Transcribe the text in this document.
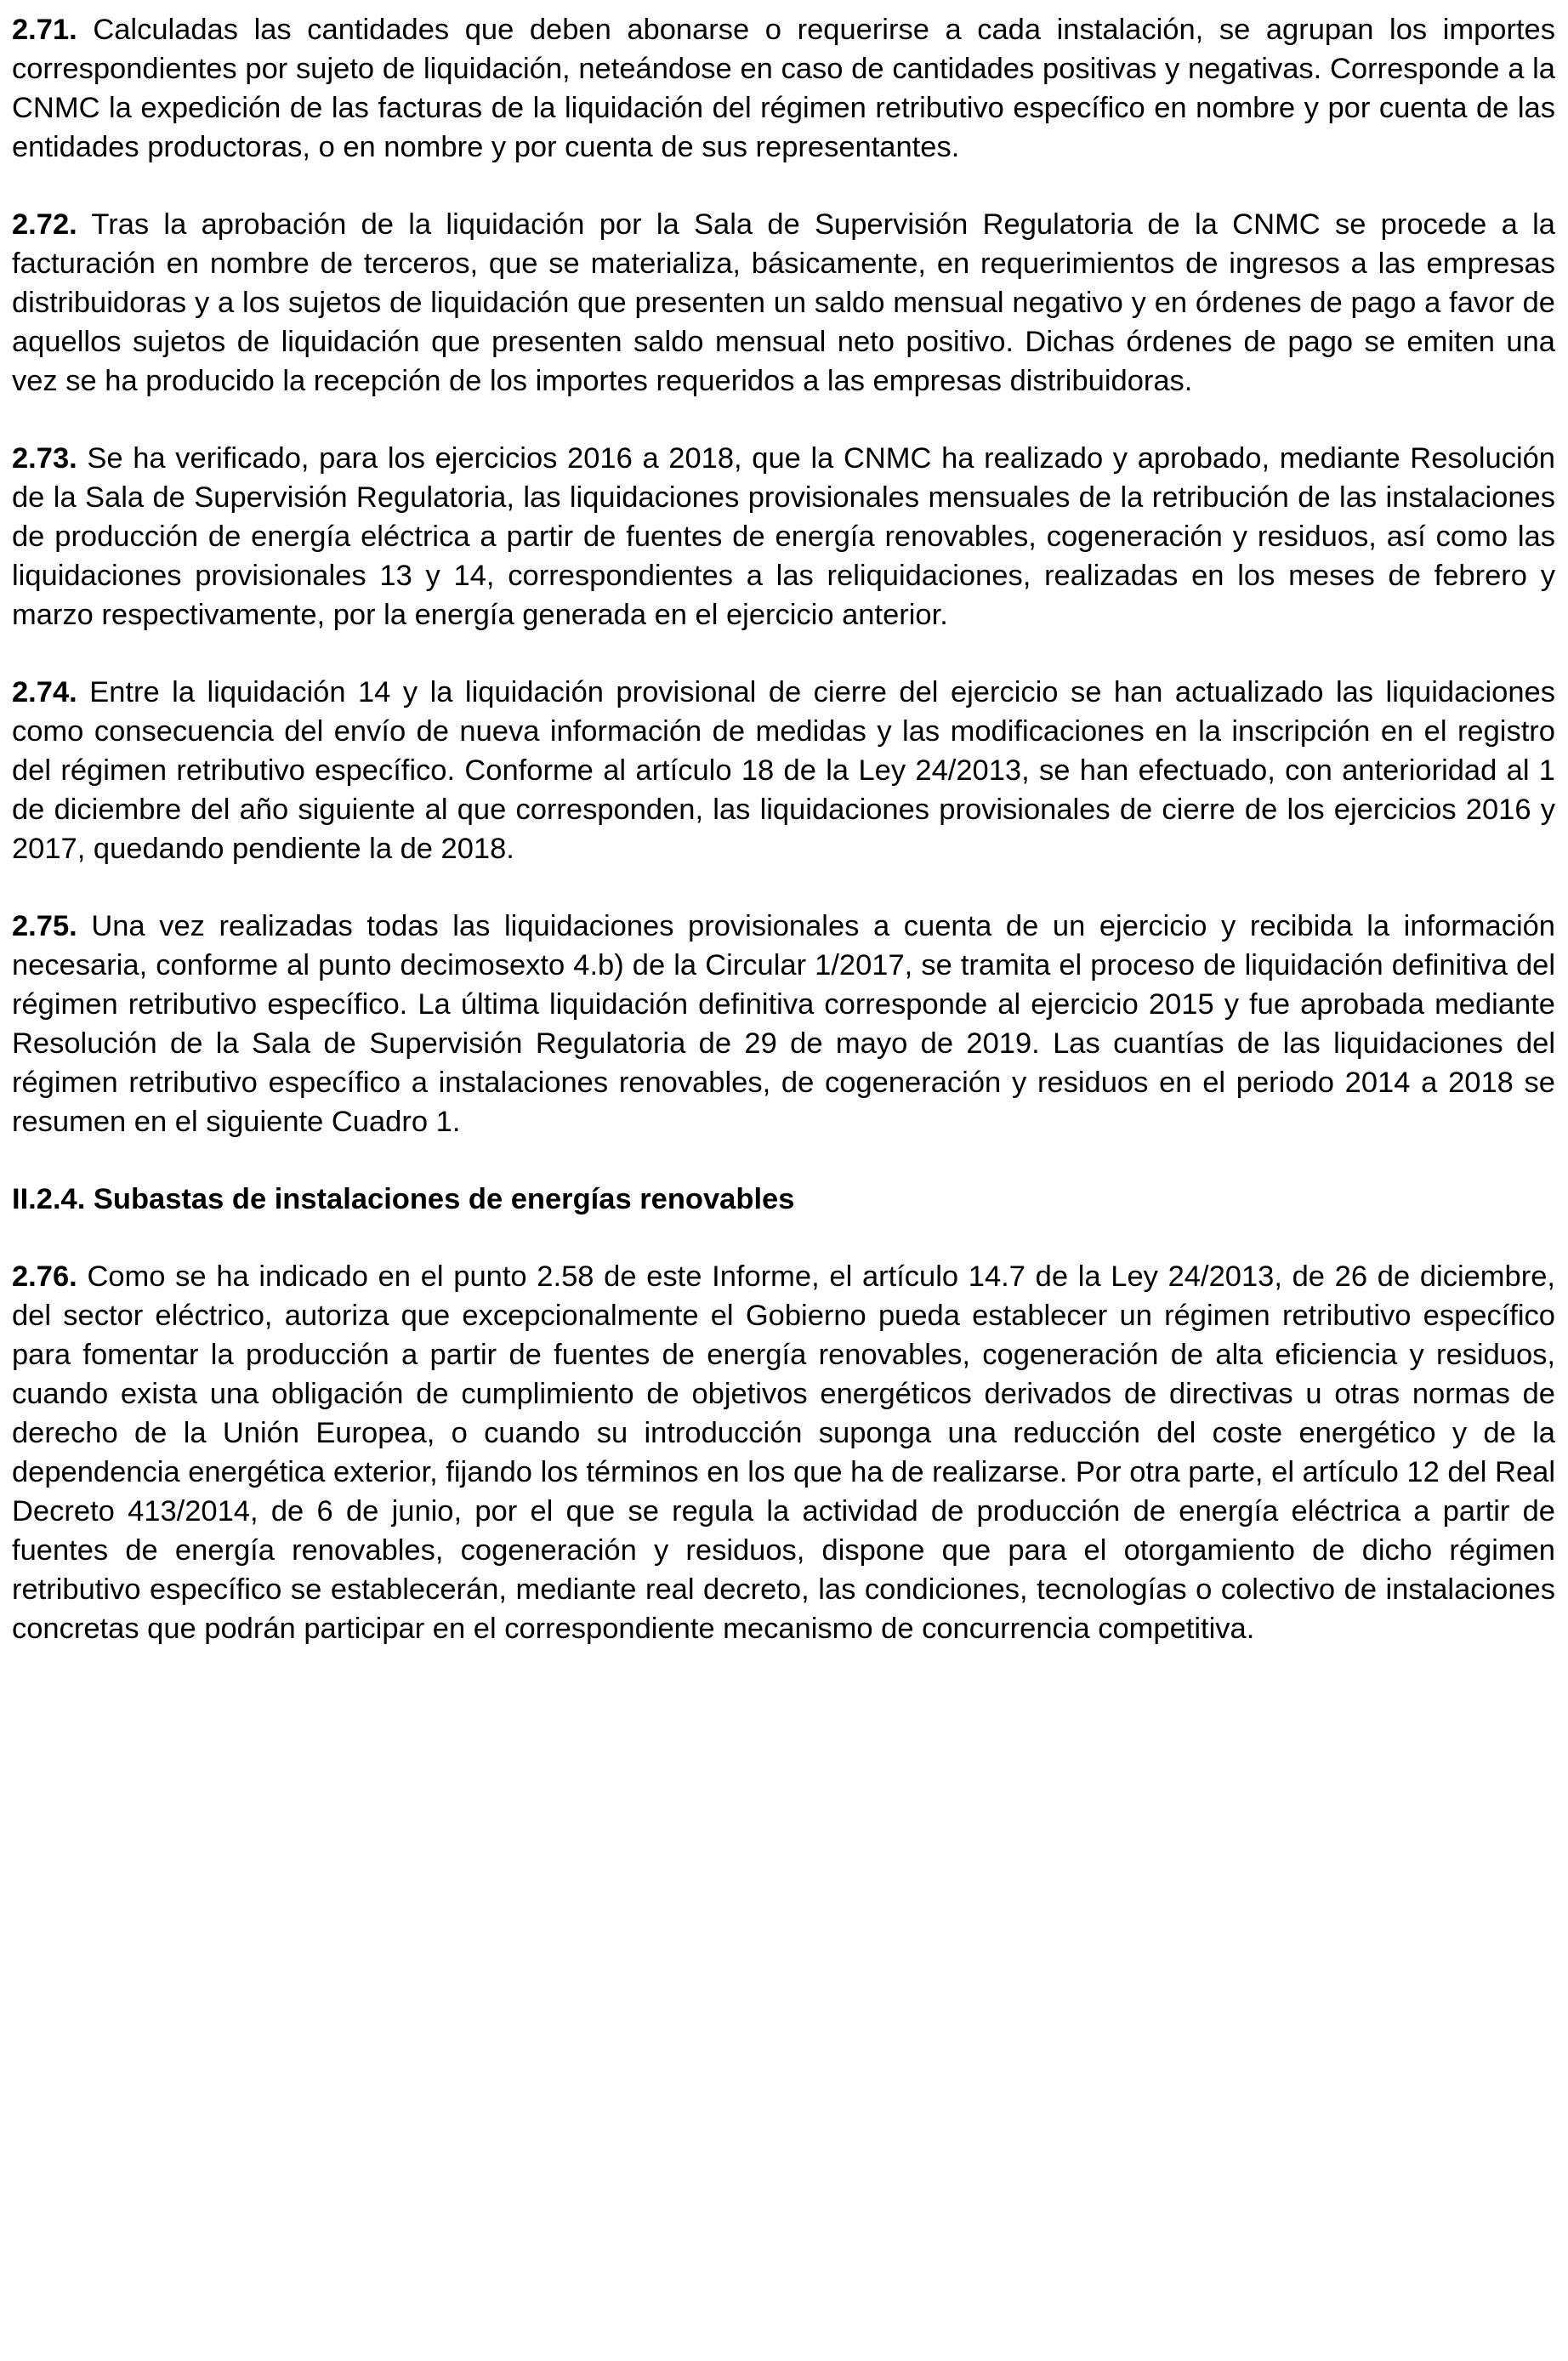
2.71. Calculadas las cantidades que deben abonarse o requerirse a cada instalación, se agrupan los importes correspondientes por sujeto de liquidación, neteándose en caso de cantidades positivas y negativas. Corresponde a la CNMC la expedición de las facturas de la liquidación del régimen retributivo específico en nombre y por cuenta de las entidades productoras, o en nombre y por cuenta de sus representantes.

2.72. Tras la aprobación de la liquidación por la Sala de Supervisión Regulatoria de la CNMC se procede a la facturación en nombre de terceros, que se materializa, básicamente, en requerimientos de ingresos a las empresas distribuidoras y a los sujetos de liquidación que presenten un saldo mensual negativo y en órdenes de pago a favor de aquellos sujetos de liquidación que presenten saldo mensual neto positivo. Dichas órdenes de pago se emiten una vez se ha producido la recepción de los importes requeridos a las empresas distribuidoras.

2.73. Se ha verificado, para los ejercicios 2016 a 2018, que la CNMC ha realizado y aprobado, mediante Resolución de la Sala de Supervisión Regulatoria, las liquidaciones provisionales mensuales de la retribución de las instalaciones de producción de energía eléctrica a partir de fuentes de energía renovables, cogeneración y residuos, así como las liquidaciones provisionales 13 y 14, correspondientes a las reliquidaciones, realizadas en los meses de febrero y marzo respectivamente, por la energía generada en el ejercicio anterior.

2.74. Entre la liquidación 14 y la liquidación provisional de cierre del ejercicio se han actualizado las liquidaciones como consecuencia del envío de nueva información de medidas y las modificaciones en la inscripción en el registro del régimen retributivo específico. Conforme al artículo 18 de la Ley 24/2013, se han efectuado, con anterioridad al 1 de diciembre del año siguiente al que corresponden, las liquidaciones provisionales de cierre de los ejercicios 2016 y 2017, quedando pendiente la de 2018.

2.75. Una vez realizadas todas las liquidaciones provisionales a cuenta de un ejercicio y recibida la información necesaria, conforme al punto decimosexto 4.b) de la Circular 1/2017, se tramita el proceso de liquidación definitiva del régimen retributivo específico. La última liquidación definitiva corresponde al ejercicio 2015 y fue aprobada mediante Resolución de la Sala de Supervisión Regulatoria de 29 de mayo de 2019. Las cuantías de las liquidaciones del régimen retributivo específico a instalaciones renovables, de cogeneración y residuos en el periodo 2014 a 2018 se resumen en el siguiente Cuadro 1.

II.2.4. Subastas de instalaciones de energías renovables

2.76. Como se ha indicado en el punto 2.58 de este Informe, el artículo 14.7 de la Ley 24/2013, de 26 de diciembre, del sector eléctrico, autoriza que excepcionalmente el Gobierno pueda establecer un régimen retributivo específico para fomentar la producción a partir de fuentes de energía renovables, cogeneración de alta eficiencia y residuos, cuando exista una obligación de cumplimiento de objetivos energéticos derivados de directivas u otras normas de derecho de la Unión Europea, o cuando su introducción suponga una reducción del coste energético y de la dependencia energética exterior, fijando los términos en los que ha de realizarse. Por otra parte, el artículo 12 del Real Decreto 413/2014, de 6 de junio, por el que se regula la actividad de producción de energía eléctrica a partir de fuentes de energía renovables, cogeneración y residuos, dispone que para el otorgamiento de dicho régimen retributivo específico se establecerán, mediante real decreto, las condiciones, tecnologías o colectivo de instalaciones concretas que podrán participar en el correspondiente mecanismo de concurrencia competitiva.
